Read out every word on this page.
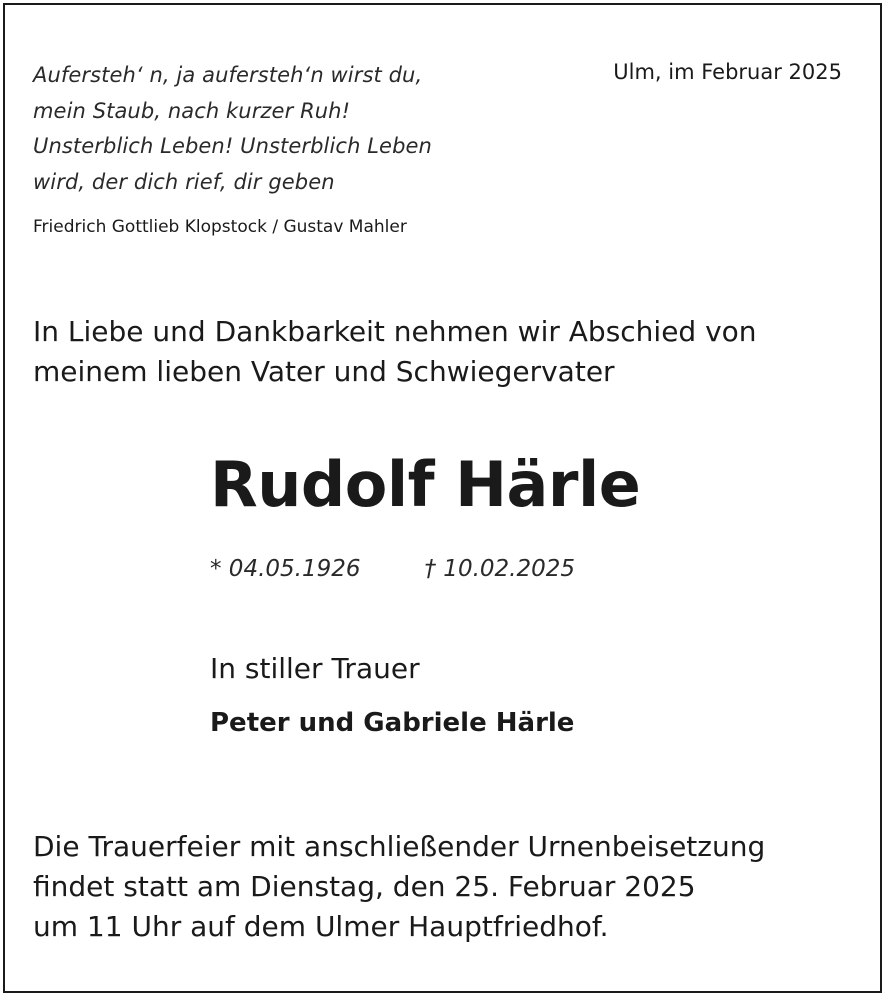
Aufersteh‘ n, ja aufersteh‘n wirst du,
mein Staub, nach kurzer Ruh!
Unsterblich Leben! Unsterblich Leben
wird, der dich rief, dir geben
Friedrich Gottlieb Klopstock / Gustav Mahler
Ulm, im Februar 2025
In Liebe und Dankbarkeit nehmen wir Abschied von
meinem lieben Vater und Schwiegervater
Rudolf Härle
* 04.05.1926	† 10.02.2025
In stiller Trauer
Peter und Gabriele Härle
Die Trauerfeier mit anschließender Urnenbeisetzung
findet statt am Dienstag, den 25. Februar 2025
um 11 Uhr auf dem Ulmer Hauptfriedhof.
